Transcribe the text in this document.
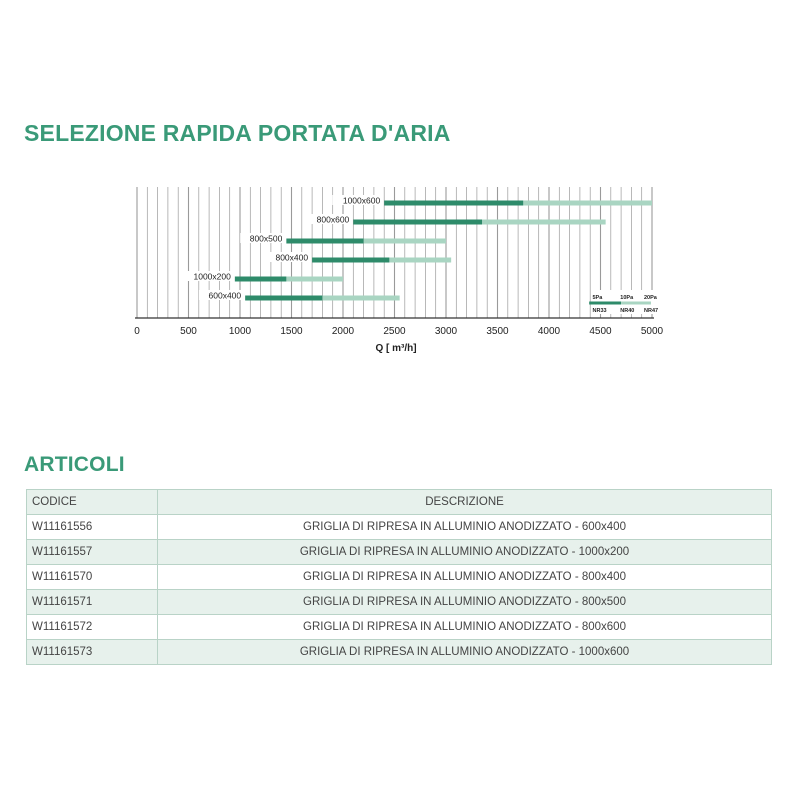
SELEZIONE RAPIDA PORTATA D'ARIA
0	500	1000	1500	2000	2500	3000	3500	4000	4500	5000
Q [ m³/h]
1000x600
800x600
800x500
800x400
1000x200
600x400	5Pa	10Pa 20Pa
NR33 NR40 NR47
ARTICOLI
CODICE	DESCRIZIONE
W11161556	GRIGLIA DI RIPRESA IN ALLUMINIO ANODIZZATO - 600x400
W11161557	GRIGLIA DI RIPRESA IN ALLUMINIO ANODIZZATO - 1000x200
W11161570	GRIGLIA DI RIPRESA IN ALLUMINIO ANODIZZATO - 800x400
W11161571	GRIGLIA DI RIPRESA IN ALLUMINIO ANODIZZATO - 800x500
W11161572	GRIGLIA DI RIPRESA IN ALLUMINIO ANODIZZATO - 800x600
W11161573	GRIGLIA DI RIPRESA IN ALLUMINIO ANODIZZATO - 1000x600
